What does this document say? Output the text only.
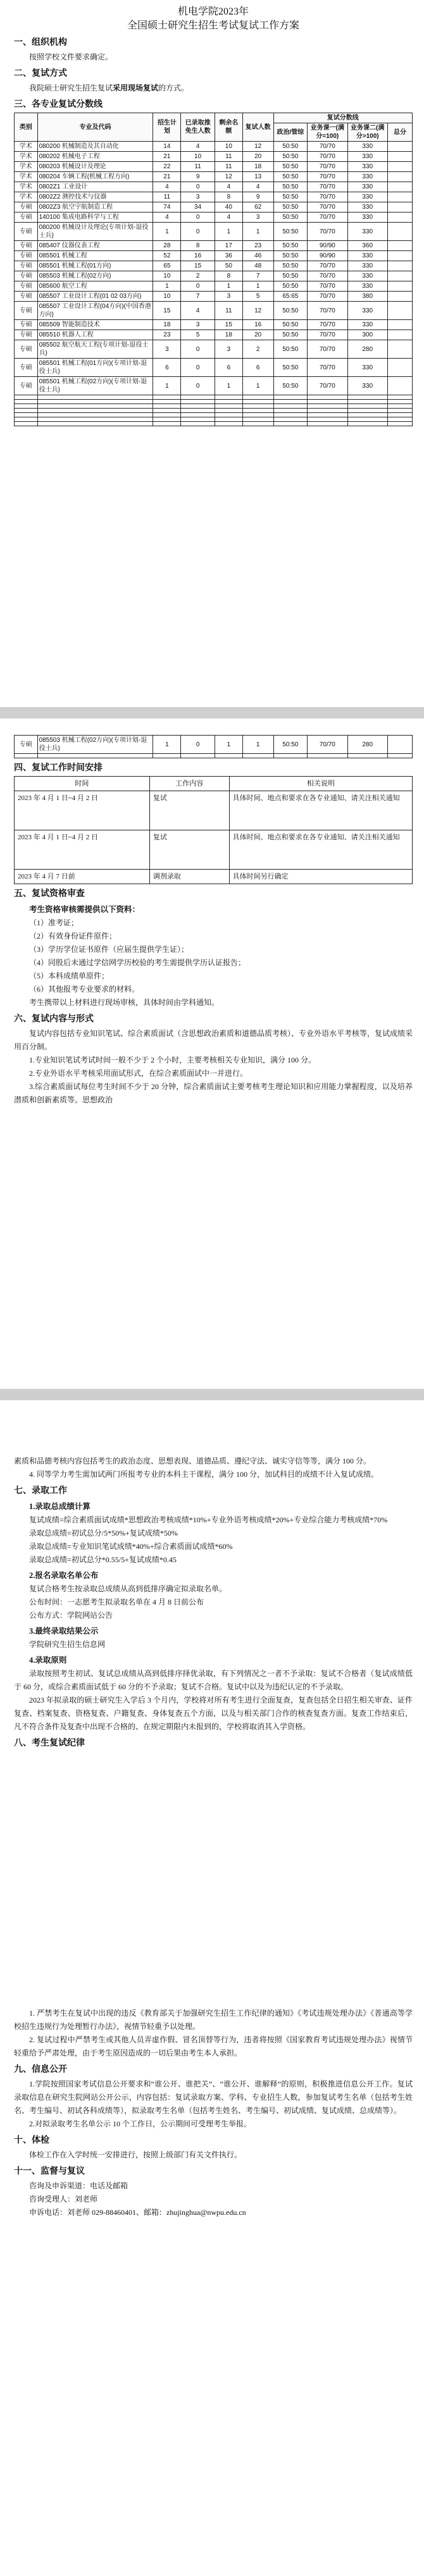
机电学院2023年

全国硕士研究生招生考试复试工作方案

一、组织机构

按照学校文件要求确定。

二、复试方式

我院硕士研究生招生复试采用现场复试的方式。

三、各专业复试分数线

类别	专业及代码	招生计划	已录取推免生人数	剩余名额	复试人数	复试分数线			
						政治/管综	业务课一(满分=100)	业务课二(满分>100)	总分
学术	080200 机械制造及其自动化	14	4	10	12	50:50	70/70	330	
学术	080202 机械电子工程	21	10	11	20	50:50	70/70	330	
学术	080203 机械设计及理论	22	11	11	18	50:50	70/70	330	
学术	080204 车辆工程(机械工程方向)	21	9	12	13	50:50	70/70	330	
学术	0802Z1 工业设计	4	0	4	4	50:50	70/70	330	
学术	0802Z2 测控技术与仪器	11	3	8	9	50:50	70/70	330	
专硕	0802Z3 航空宇航制造工程	74	34	40	62	50:50	70/70	330	
专硕	140100 集成电路科学与工程	4	0	4	3	50:50	70/70	330	
专硕	080200 机械设计及理论(专项计划-退役士兵)	1	0	1	1	50:50	70/70	330	
专硕	085407 仪器仪表工程	28	8	17	23	50:50	90/90	360	
专硕	085501 机械工程	52	16	36	46	50:50	90/90	330	
专硕	085501 机械工程(01方向)	65	15	50	48	50:50	70/70	330	
专硕	085503 机械工程(02方向)	10	2	8	7	50:50	70/70	330	
专硕	085600 航空工程	1	0	1	1	50:50	70/70	330	
专硕	085507 工业设计工程(01 02 03方向)	10	7	3	5	65:65	70/70	380	
专硕	085507 工业设计工程(04方向)(中国香港方向)	15	4	11	12	50:50	70/70	330	
专硕	085509 智能制造技术	18	3	15	16	50:50	70/70	330	
专硕	085510 机器人工程	23	5	18	20	50:50	70/70	300	
专硕	085502 航空航天工程(专项计划-退役士兵)	3	0	3	2	50:50	70/70	280	
专硕	085501 机械工程(01方向)(专项计划-退役士兵)	6	0	6	6	50:50	70/70	330	
专硕	085501 机械工程(02方向)(专项计划-退役士兵)	1	0	1	1	50:50	70/70	330	

专硕	085503 机械工程(02方向)(专项计划-退役士兵)	1	0	1	1	50:50	70/70	280	

四、复试工作时间安排

时间	工作内容	相关说明
2023 年 4 月 1 日~4 月 2 日	复试	具体时间、地点和要求在各专业通知、请关注相关通知
2023 年 4 月 1 日~4 月 2 日	复试	具体时间、地点和要求在各专业通知、请关注相关通知
2023 年 4 月 7 日前	调剂录取	具体时间另行确定

五、复试资格审查

考生资格审核需提供以下资料：

（1）准考证；

（2）有效身份证件原件；

（3）学历学位证书原件（应届生提供学生证）；

（4）同股后未通过学信网学历校验的考生需提供学历认证报告；

（5）本科成绩单原件；

（6）其他报考专业要求的材料。

考生携带以上材料进行现场审核，具体时间由学科通知。

六、复试内容与形式

复试内容包括专业知识笔试、综合素质面试（含思想政治素质和道德品质考核）、专业外语水平考核等，复试成绩采用百分制。

1.专业知识笔试考试时间一般不少于 2 个小时，主要考核相关专业知识，满分 100 分。

2.专业外语水平考核采用面试形式，在综合素质面试中一并进行。

3.综合素质面试每位考生时间不少于 20 分钟，综合素质面试主要考核考生理论知识和应用能力掌握程度，以及培养潜质和创新素质等。思想政治

素质和品德考核内容包括考生的政治态度、思想表现、道德品质、遵纪守法、诚实守信等等，满分 100 分。

4. 同等学力考生需加试两门所报考专业的本科主干课程，满分 100 分，加试科目的成绩不计入复试成绩。

七、录取工作

1.录取总成绩计算

复试成绩=综合素质面试成绩*思想政治考核成绩*10%+专业外语考核成绩*20%+专业综合能力考核成绩*70%

录取总成绩=初试总分/5*50%+复试成绩*50%

录取总成绩=专业知识笔试成绩*40%+综合素质面试成绩*60%

录取总成绩=初试总分*0.55/5+复试成绩*0.45

2.报名录取名单公布

复试合格考生按录取总成绩从高到低排序确定拟录取名单。

公布时间：一志愿考生拟录取名单在 4 月 8 日前公布

公布方式：学院网站公告

3.最终录取结果公示

学院研究生招生信息网

4.录取原则

录取按照考生初试、复试总成绩从高到低排序择优录取，有下列情况之一者不予录取：复试不合格者（复试成绩低于 60 分，或综合素质面试低于 60 分的不予录取；复试不合格。复试中以及为违纪认定的不予录取。

2023 年拟录取的硕士研究生入学后 3 个月内，学校将对所有考生进行全面复查，复查包括全日招生相关审查、证件复查、档案复查、资格复查、户籍复查、身体复查五个方面，以及与相关部门合作的核查复查方面。复查工作结束后，凡不符合条件及复查中出现不合格的、在规定期限内未报到的，学校将取消其入学资格。

八、考生复试纪律

1. 严禁考生在复试中出现的违反《教育部关于加强研究生招生工作纪律的通知》《考试违规处理办法》《普通高等学校招生违规行为处理暂行办法》，视情节轻重予以处理。

2. 复试过程中严禁考生或其他人员弄虚作假、冒名顶替等行为，违者将按照《国家教育考试违规处理办法》视情节轻重给予严肃处理，由于考生原因造成的一切后果由考生本人承担。

九、信息公开

1.学院按照国家考试信息公开要求和“谁公开、谁把关”、“谁公开、谁解释”的原则，积极推进信息公开工作。复试录取信息在研究生院网站公开公示，内容包括：复试录取方案、学科、专业招生人数，参加复试考生名单（包括考生姓名、考生编号、初试各科成绩等），拟录取考生名单（包括考生姓名、考生编号、初试成绩、复试成绩、总成绩等）。

2.对拟录取考生名单公示 10 个工作日，公示期间可受理考生举报。

十、体检

体检工作在入学时统一安排进行，按照上级部门有关文件执行。

十一、监督与复议

咨询及申诉渠道：电话及邮箱

咨询受理人：刘老师

申诉电话：刘老师 029-88460401、邮箱：zhujinghua@nwpu.edu.cn
